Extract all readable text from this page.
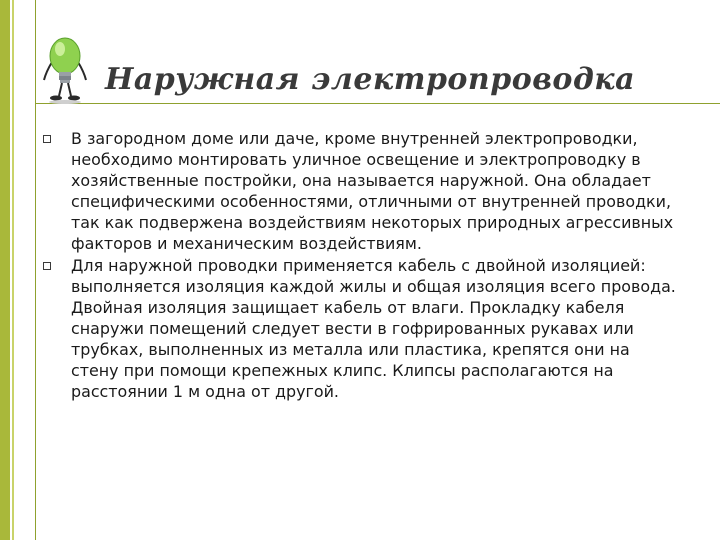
Наружная электропроводка
В загородном доме или даче, кроме внутренней электропроводки, необходимо монтировать уличное освещение и электропроводку в хозяйственные постройки, она называется наружной. Она обладает специфическими особенностями, отличными от внутренней проводки, так как подвержена воздействиям некоторых природных агрессивных факторов и механическим воздействиям.
Для наружной проводки применяется кабель с двойной изоляцией: выполняется изоляция каждой жилы и общая изоляция всего провода. Двойная изоляция защищает кабель от влаги. Прокладку кабеля снаружи помещений следует вести в гофрированных рукавах или трубках, выполненных из металла или пластика, крепятся они на стену при помощи крепежных клипс. Клипсы располагаются на расстоянии 1 м одна от другой.
